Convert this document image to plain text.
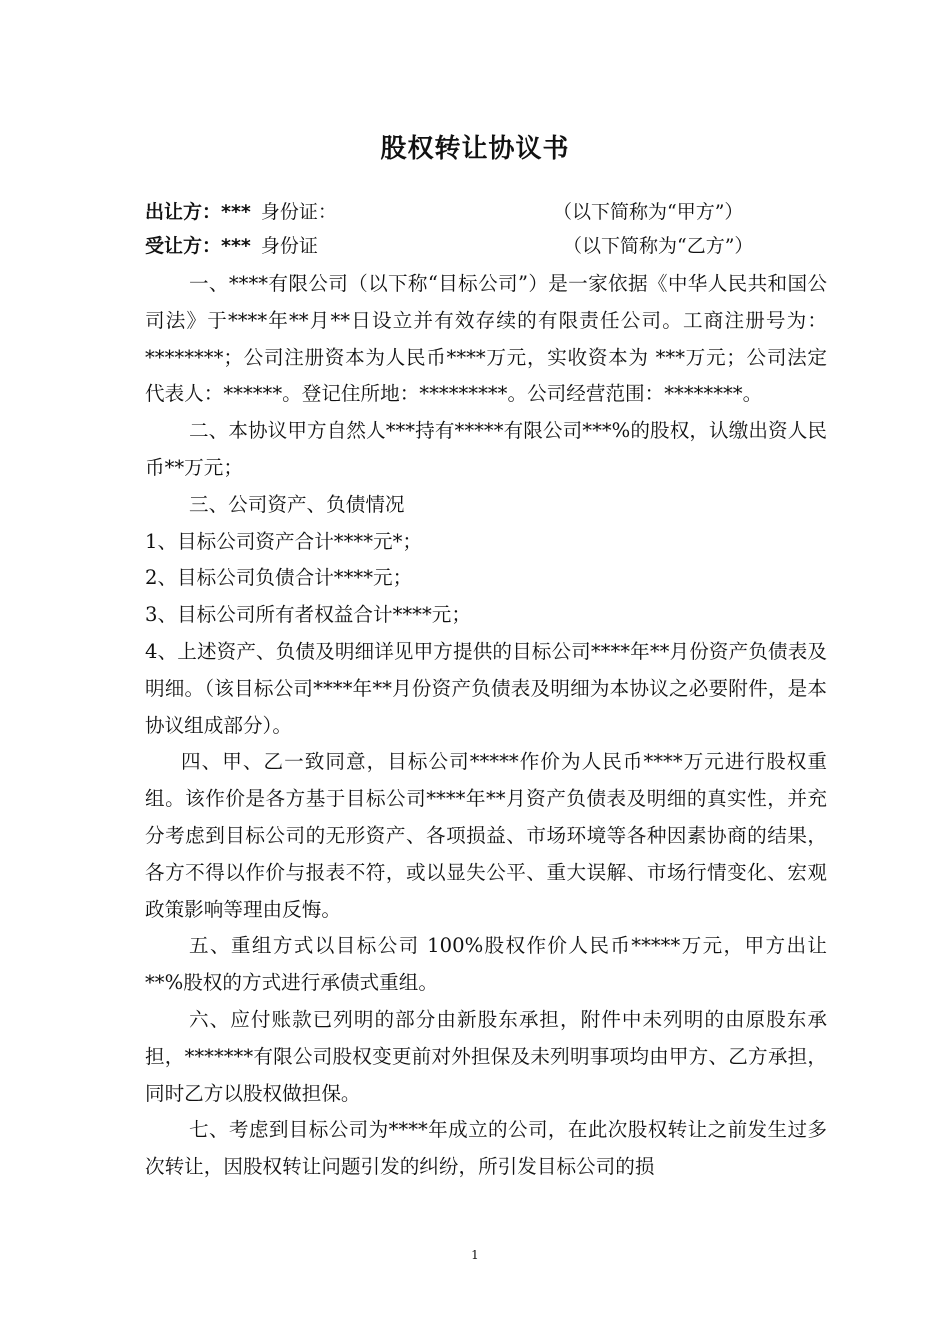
股权转让协议书
出让方：*** 身份证：	（以下简称为“甲方”）
受让方：*** 身份证	（以下简称为“乙方”）

一、****有限公司（以下称“目标公司”）是一家依据《中华人民共和国公司法》于****年**月**日设立并有效存续的有限责任公司。工商注册号为：********；公司注册资本为人民币****万元，实收资本为 ***万元；公司法定代表人：******。登记住所地：*********。公司经营范围：********。

二、本协议甲方自然人***持有*****有限公司***%的股权，认缴出资人民币**万元；

三、公司资产、负债情况

1、目标公司资产合计****元*；

2、目标公司负债合计****元；

3、目标公司所有者权益合计****元；

4、上述资产、负债及明细详见甲方提供的目标公司****年**月份资产负债表及明细。（该目标公司****年**月份资产负债表及明细为本协议之必要附件，是本协议组成部分）。

四、甲、乙一致同意，目标公司*****作价为人民币****万元进行股权重组。该作价是各方基于目标公司****年**月资产负债表及明细的真实性，并充分考虑到目标公司的无形资产、各项损益、市场环境等各种因素协商的结果，各方不得以作价与报表不符，或以显失公平、重大误解、市场行情变化、宏观政策影响等理由反悔。

五、重组方式以目标公司 100%股权作价人民币*****万元，甲方出让**%股权的方式进行承债式重组。

六、应付账款已列明的部分由新股东承担，附件中未列明的由原股东承担，*******有限公司股权变更前对外担保及未列明事项均由甲方、乙方承担，同时乙方以股权做担保。

七、考虑到目标公司为****年成立的公司，在此次股权转让之前发生过多次转让，因股权转让问题引发的纠纷，所引发目标公司的损

1
